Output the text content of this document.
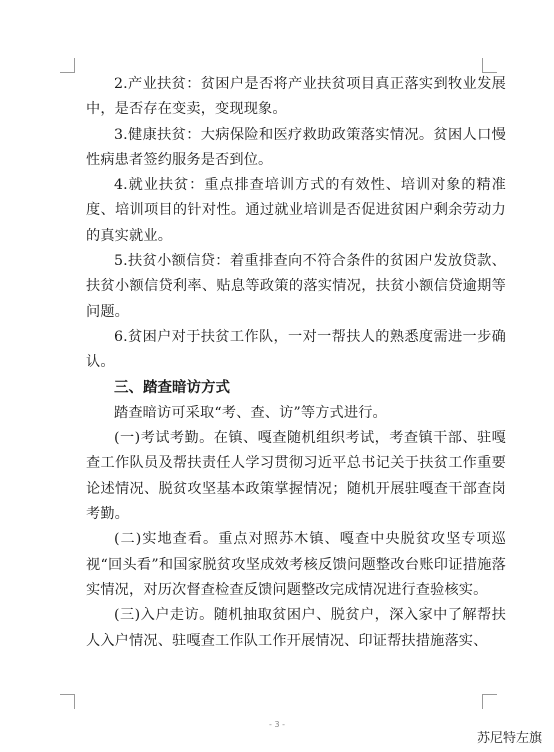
2.产业扶贫：贫困户是否将产业扶贫项目真正落实到牧业发展中，是否存在变卖，变现现象。

3.健康扶贫：大病保险和医疗救助政策落实情况。贫困人口慢性病患者签约服务是否到位。

4.就业扶贫：重点排查培训方式的有效性、培训对象的精准度、培训项目的针对性。通过就业培训是否促进贫困户剩余劳动力的真实就业。

5.扶贫小额信贷：着重排查向不符合条件的贫困户发放贷款、扶贫小额信贷利率、贴息等政策的落实情况，扶贫小额信贷逾期等问题。

6.贫困户对于扶贫工作队，一对一帮扶人的熟悉度需进一步确认。

三、踏查暗访方式

踏查暗访可采取“考、查、访”等方式进行。

(一)考试考勤。在镇、嘎查随机组织考试，考查镇干部、驻嘎查工作队员及帮扶责任人学习贯彻习近平总书记关于扶贫工作重要论述情况、脱贫攻坚基本政策掌握情况；随机开展驻嘎查干部查岗考勤。

(二)实地查看。重点对照苏木镇、嘎查中央脱贫攻坚专项巡视“回头看”和国家脱贫攻坚成效考核反馈问题整改台账印证措施落实情况，对历次督查检查反馈问题整改完成情况进行查验核实。

(三)入户走访。随机抽取贫困户、脱贫户，深入家中了解帮扶人入户情况、驻嘎查工作队工作开展情况、印证帮扶措施落实、

- 3 -
苏尼特左旗
